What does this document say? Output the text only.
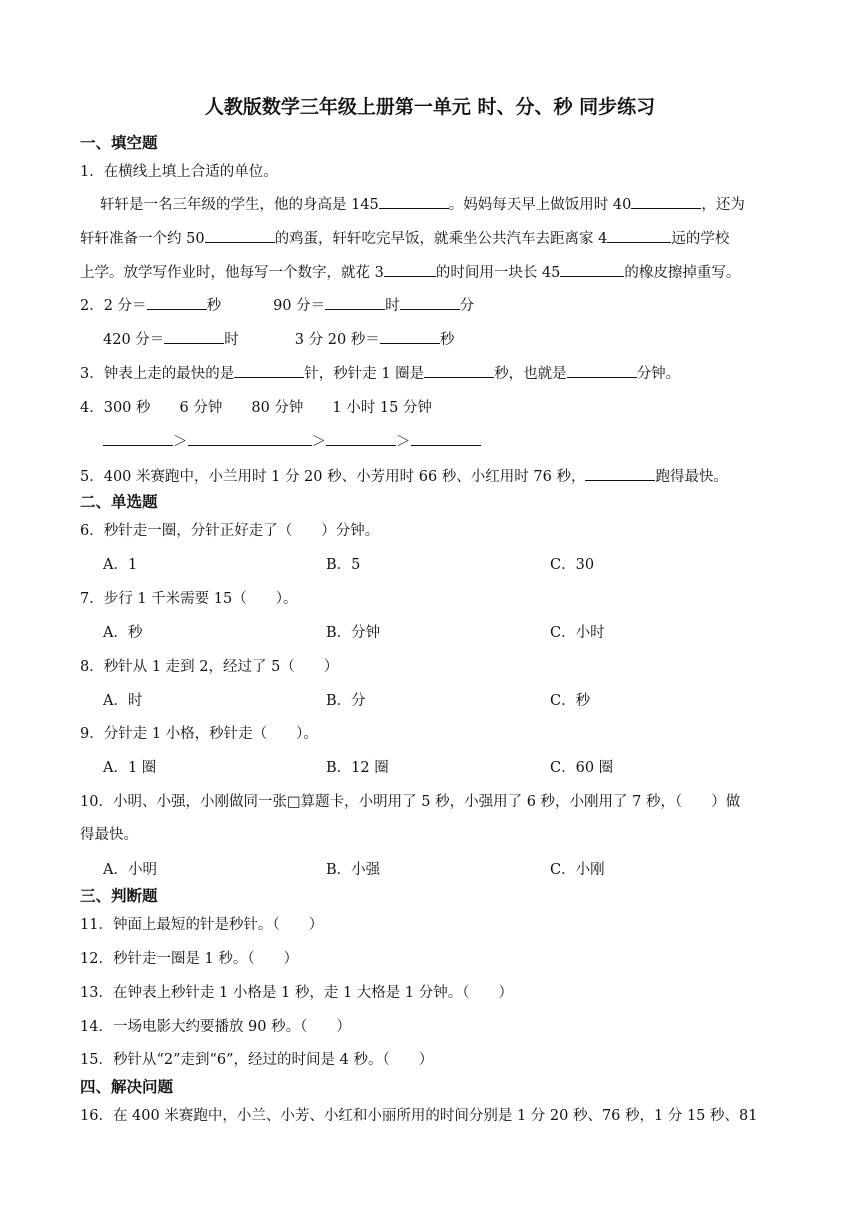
人教版数学三年级上册第一单元 时、分、秒 同步练习
一、填空题
1．在横线上填上合适的单位。
轩轩是一名三年级的学生，他的身高是 145	。妈妈每天早上做饭用时 40	，还为
轩轩准备一个约 50	的鸡蛋，轩轩吃完早饭，就乘坐公共汽车去距离家 4	远的学校
上学。放学写作业时，他每写一个数字，就花 3	的时间用一块长 45	的橡皮擦掉重写。
2．2 分＝	秒	90 分＝	时	分
420 分＝	时	3 分 20 秒＝	秒
3．钟表上走的最快的是	针，秒针走 1 圈是	秒，也就是	分钟。
4．300 秒　　6 分钟　　80 分钟　　1 小时 15 分钟
＞	＞	＞
5．400 米赛跑中，小兰用时 1 分 20 秒、小芳用时 66 秒、小红用时 76 秒，	跑得最快。
二、单选题
6．秒针走一圈，分针正好走了（　　）分钟。
A．1	B．5	C．30
7．步行 1 千米需要 15（　　）。
A．秒	B．分钟	C．小时
8．秒针从 1 走到 2，经过了 5（　　）
A．时	B．分	C．秒
9．分针走 1 小格，秒针走（　　）。
A．1 圈	B．12 圈	C．60 圈
10．小明、小强，小刚做同一张□算题卡，小明用了 5 秒，小强用了 6 秒，小刚用了 7 秒，（　　）做
得最快。
A．小明	B．小强	C．小刚
三、判断题
11．钟面上最短的针是秒针。（　　）
12．秒针走一圈是 1 秒。（　　）
13．在钟表上秒针走 1 小格是 1 秒，走 1 大格是 1 分钟。（　　）
14．一场电影大约要播放 90 秒。（　　）
15．秒针从“2”走到“6”，经过的时间是 4 秒。（　　）
四、解决问题
16．在 400 米赛跑中，小兰、小芳、小红和小丽所用的时间分别是 1 分 20 秒、76 秒，1 分 15 秒、81
